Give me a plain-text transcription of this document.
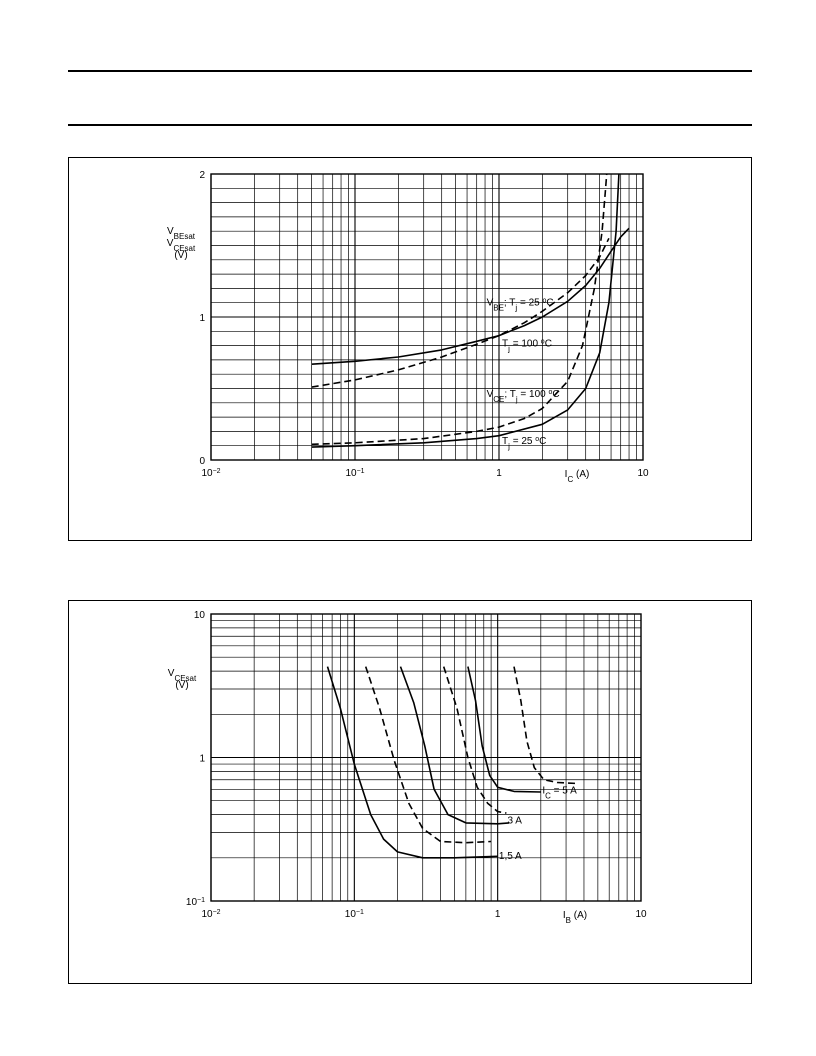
$10^{-2}$	$10^{-1}$	1	10
0
1
2
$V_{BEsat}$
$V_{CEsat}$
(V)
$I_C$ (A)
$V_{BE}$; $T_j = 25$ $^o$C
$T_j = 100$ $^o$C
$V_{CE}$; $T_j = 100$ $^o$C
$T_j = 25$ $^o$C
$10^{-2}$	$10^{-1}$	1	10
$10^{-1}$
1
10
$V_{CEsat}$
(V)
$I_B$ (A)
$I_C = 5$ A
3 A
1,5 A
